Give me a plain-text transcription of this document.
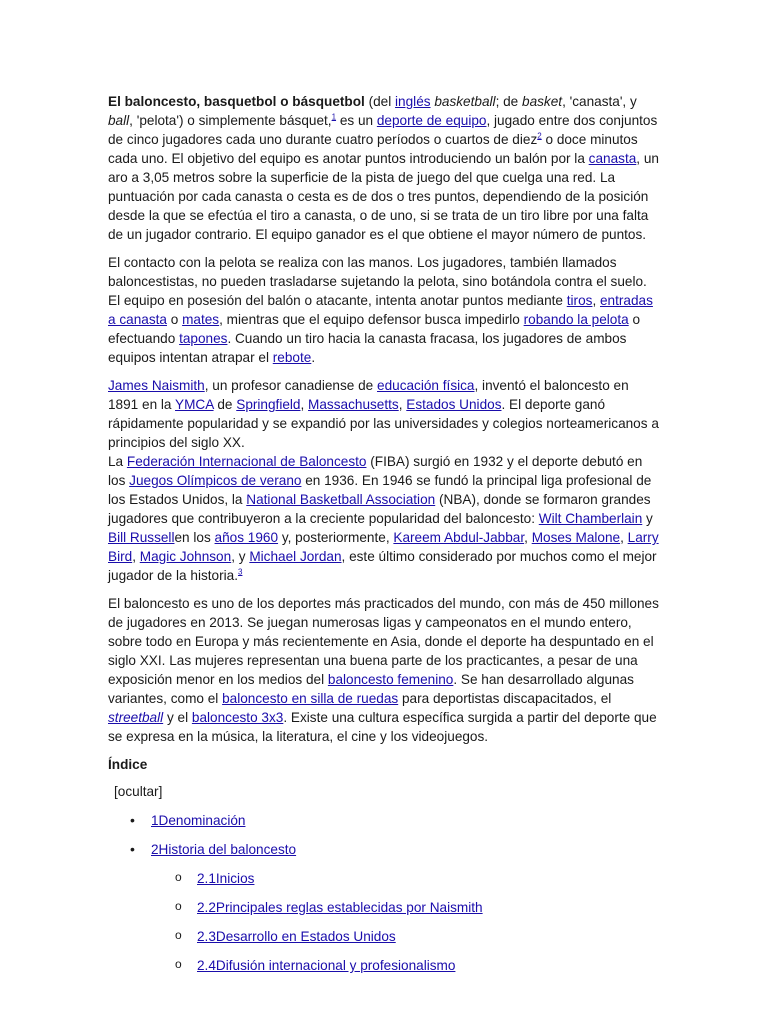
El baloncesto, basquetbol o básquetbol (del inglés basketball; de basket, 'canasta', y ball, 'pelota') o simplemente básquet,$^1$ es un deporte de equipo, jugado entre dos conjuntos de cinco jugadores cada uno durante cuatro períodos o cuartos de diez$^2$ o doce minutos cada uno. El objetivo del equipo es anotar puntos introduciendo un balón por la canasta, un aro a 3,05 metros sobre la superficie de la pista de juego del que cuelga una red. La puntuación por cada canasta o cesta es de dos o tres puntos, dependiendo de la posición desde la que se efectúa el tiro a canasta, o de uno, si se trata de un tiro libre por una falta de un jugador contrario. El equipo ganador es el que obtiene el mayor número de puntos.

El contacto con la pelota se realiza con las manos. Los jugadores, también llamados baloncestistas, no pueden trasladarse sujetando la pelota, sino botándola contra el suelo. El equipo en posesión del balón o atacante, intenta anotar puntos mediante tiros, entradas a canasta o mates, mientras que el equipo defensor busca impedirlo robando la pelota o efectuando tapones. Cuando un tiro hacia la canasta fracasa, los jugadores de ambos equipos intentan atrapar el rebote.

James Naismith, un profesor canadiense de educación física, inventó el baloncesto en 1891 en la YMCA de Springfield, Massachusetts, Estados Unidos. El deporte ganó rápidamente popularidad y se expandió por las universidades y colegios norteamericanos a principios del siglo XX.
La Federación Internacional de Baloncesto (FIBA) surgió en 1932 y el deporte debutó en los Juegos Olímpicos de verano en 1936. En 1946 se fundó la principal liga profesional de los Estados Unidos, la National Basketball Association (NBA), donde se formaron grandes jugadores que contribuyeron a la creciente popularidad del baloncesto: Wilt Chamberlain y Bill Russellen los años 1960 y, posteriormente, Kareem Abdul-Jabbar, Moses Malone, Larry Bird, Magic Johnson, y Michael Jordan, este último considerado por muchos como el mejor jugador de la historia.$^3$

El baloncesto es uno de los deportes más practicados del mundo, con más de 450 millones de jugadores en 2013. Se juegan numerosas ligas y campeonatos en el mundo entero, sobre todo en Europa y más recientemente en Asia, donde el deporte ha despuntado en el siglo XXI. Las mujeres representan una buena parte de los practicantes, a pesar de una exposición menor en los medios del baloncesto femenino. Se han desarrollado algunas variantes, como el baloncesto en silla de ruedas para deportistas discapacitados, el streetball y el baloncesto 3x3. Existe una cultura específica surgida a partir del deporte que se expresa en la música, la literatura, el cine y los videojuegos.

Índice
[ocultar]
• 1Denominación
• 2Historia del baloncesto
o 2.1Inicios
o 2.2Principales reglas establecidas por Naismith
o 2.3Desarrollo en Estados Unidos
o 2.4Difusión internacional y profesionalismo
